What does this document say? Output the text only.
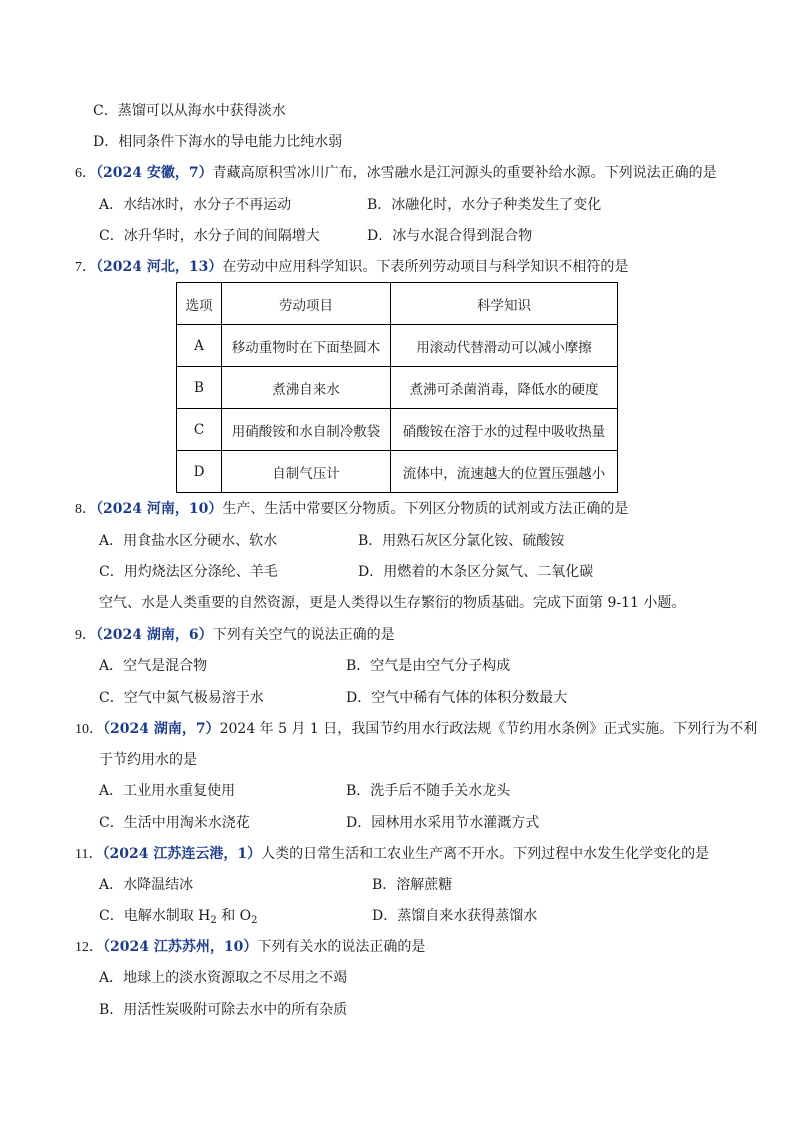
C．蒸馏可以从海水中获得淡水
D．相同条件下海水的导电能力比纯水弱
6．（2024 安徽，7）青藏高原积雪冰川广布，冰雪融水是江河源头的重要补给水源。下列说法正确的是
A．水结冰时，水分子不再运动	B．冰融化时，水分子种类发生了变化
C．冰升华时，水分子间的间隔增大	D．冰与水混合得到混合物
7．（2024 河北，13）在劳动中应用科学知识。下表所列劳动项目与科学知识不相符的是
选项	劳动项目	科学知识
A	移动重物时在下面垫圆木	用滚动代替滑动可以减小摩擦
B	煮沸自来水	煮沸可杀菌消毒，降低水的硬度
C	用硝酸铵和水自制冷敷袋	硝酸铵在溶于水的过程中吸收热量
D	自制气压计	流体中，流速越大的位置压强越小
8．（2024 河南，10）生产、生活中常要区分物质。下列区分物质的试剂或方法正确的是
A．用食盐水区分硬水、软水	B．用熟石灰区分氯化铵、硫酸铵
C．用灼烧法区分涤纶、羊毛	D．用燃着的木条区分氮气、二氧化碳
空气、水是人类重要的自然资源，更是人类得以生存繁衍的物质基础。完成下面第 9-11 小题。
9．（2024 湖南，6）下列有关空气的说法正确的是
A．空气是混合物	B．空气是由空气分子构成
C．空气中氮气极易溶于水	D．空气中稀有气体的体积分数最大
10．（2024 湖南，7）2024 年 5 月 1 日，我国节约用水行政法规《节约用水条例》正式实施。下列行为不利
于节约用水的是
A．工业用水重复使用	B．洗手后不随手关水龙头
C．生活中用淘米水浇花	D．园林用水采用节水灌溉方式
11．（2024 江苏连云港，1）人类的日常生活和工农业生产离不开水。下列过程中水发生化学变化的是
A．水降温结冰	B．溶解蔗糖
C．电解水制取 $H_2$ 和 $O_2$	D．蒸馏自来水获得蒸馏水
12．（2024 江苏苏州，10）下列有关水的说法正确的是
A．地球上的淡水资源取之不尽用之不竭
B．用活性炭吸附可除去水中的所有杂质
